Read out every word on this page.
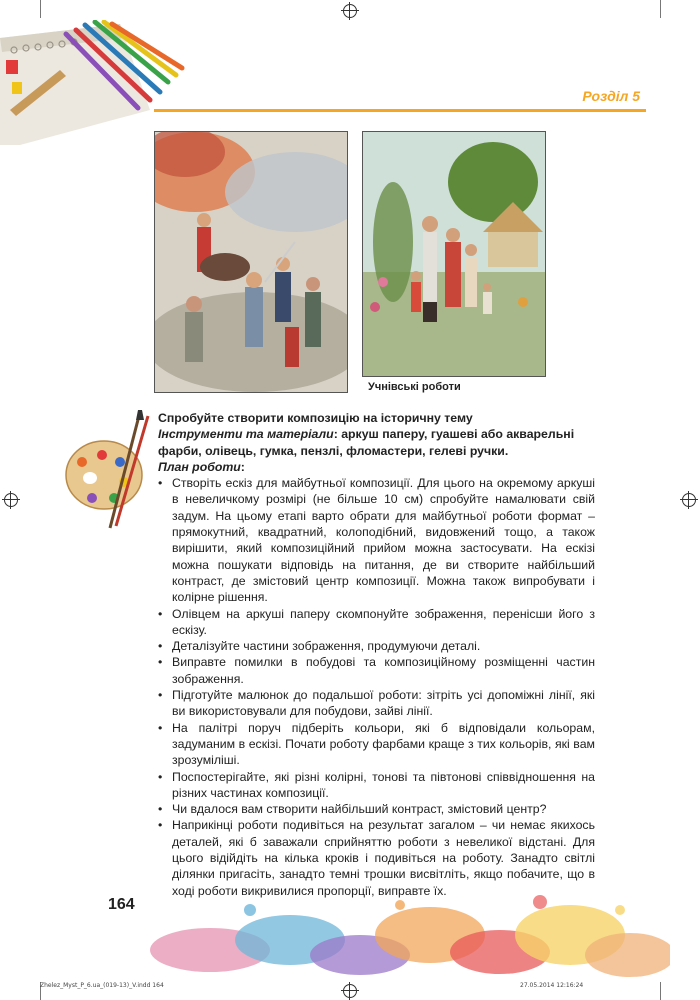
Розділ 5
Учнівські роботи

Спробуйте створити композицію на історичну тему

Інструменти та матеріали: аркуш паперу, гуашеві або акварельні фарби, олівець, гумка, пензлі, фломастери, гелеві ручки.

План роботи:

• Створіть ескіз для майбутньої композиції. Для цього на окремому аркуші в невеличкому розмірі (не більше 10 см) спробуйте намалювати свій задум. На цьому етапі варто обрати для майбутньої роботи формат – прямокутний, квадратний, колоподібний, видовжений тощо, а також вирішити, який композиційний прийом можна застосувати. На ескізі можна пошукати відповідь на питання, де ви створите найбільший контраст, де змістовий центр композиції. Можна також випробувати і колірне рішення.
• Олівцем на аркуші паперу скомпонуйте зображення, перенісши його з ескізу.
• Деталізуйте частини зображення, продумуючи деталі.
• Виправте помилки в побудові та композиційному розміщенні частин зображення.
• Підготуйте малюнок до подальшої роботи: зітріть усі допоміжні лінії, які ви використовували для побудови, зайві лінії.
• На палітрі поруч підберіть кольори, які б відповідали кольорам, задуманим в ескізі. Почати роботу фарбами краще з тих кольорів, які вам зрозуміліші.
• Поспостерігайте, які різні колірні, тонові та півтонові співвідношення на різних частинах композиції.
• Чи вдалося вам створити найбільший контраст, змістовий центр?
• Наприкінці роботи подивіться на результат загалом – чи немає якихось деталей, які б заважали сприйняттю роботи з невеликої відстані. Для цього відійдіть на кілька кроків і подивіться на роботу. Занадто світлі ділянки пригасіть, занадто темні трошки висвітліть, якщо побачите, що в ході роботи викривилися пропорції, виправте їх.
164
Zhelez_Myst_P_6.ua_(019-13)_V.indd 164	27.05.2014 12:16:24
